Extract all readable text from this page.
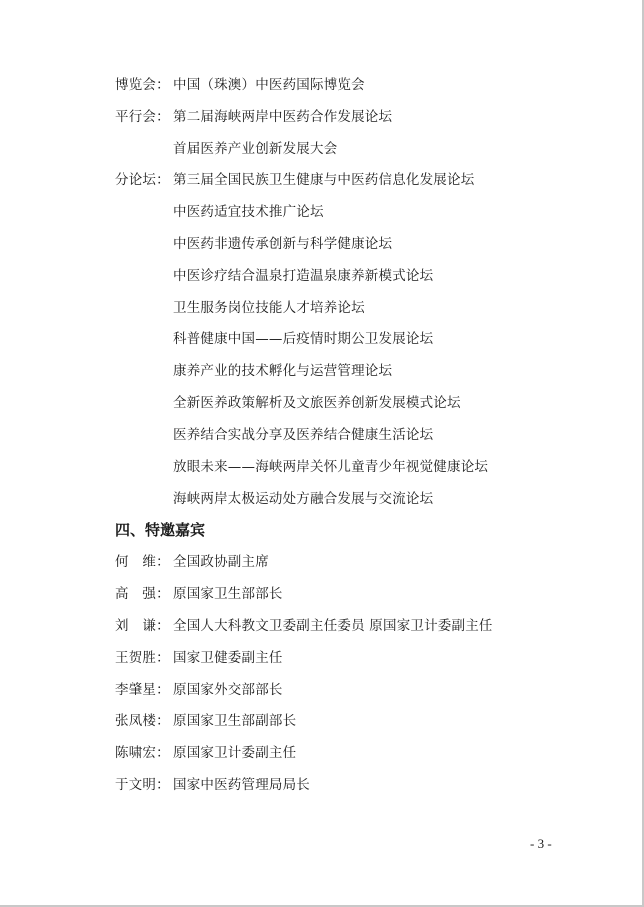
博览会： 中国（珠澳）中医药国际博览会
平行会： 第二届海峡两岸中医药合作发展论坛
首届医养产业创新发展大会
分论坛： 第三届全国民族卫生健康与中医药信息化发展论坛
中医药适宜技术推广论坛
中医药非遗传承创新与科学健康论坛
中医诊疗结合温泉打造温泉康养新模式论坛
卫生服务岗位技能人才培养论坛
科普健康中国——后疫情时期公卫发展论坛
康养产业的技术孵化与运营管理论坛
全新医养政策解析及文旅医养创新发展模式论坛
医养结合实战分享及医养结合健康生活论坛
放眼未来——海峡两岸关怀儿童青少年视觉健康论坛
海峡两岸太极运动处方融合发展与交流论坛
四、特邀嘉宾
何　维： 全国政协副主席
高　强： 原国家卫生部部长
刘　谦： 全国人大科教文卫委副主任委员 原国家卫计委副主任
王贺胜： 国家卫健委副主任
李肇星： 原国家外交部部长
张凤楼： 原国家卫生部副部长
陈啸宏： 原国家卫计委副主任
于文明： 国家中医药管理局局长
- 3 -
